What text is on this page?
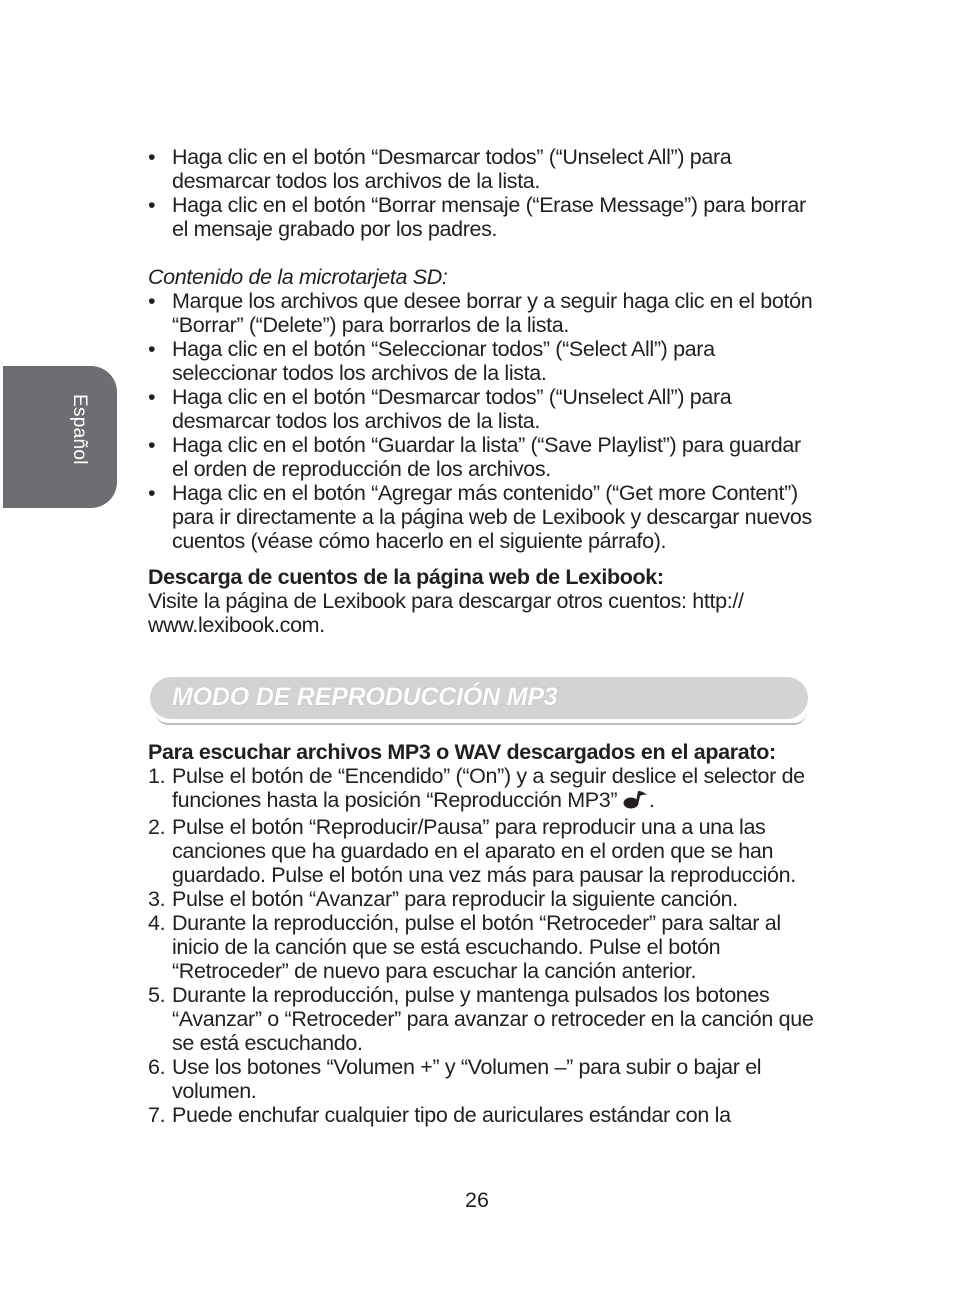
Español
• Haga clic en el botón “Desmarcar todos” (“Unselect All”) para desmarcar todos los archivos de la lista.
• Haga clic en el botón “Borrar mensaje (“Erase Message”) para borrar el mensaje grabado por los padres.
Contenido de la microtarjeta SD:
• Marque los archivos que desee borrar y a seguir haga clic en el botón “Borrar” (“Delete”) para borrarlos de la lista.
• Haga clic en el botón “Seleccionar todos” (“Select All”) para seleccionar todos los archivos de la lista.
• Haga clic en el botón “Desmarcar todos” (“Unselect All”) para desmarcar todos los archivos de la lista.
• Haga clic en el botón “Guardar la lista” (“Save Playlist”) para guardar el orden de reproducción de los archivos.
• Haga clic en el botón “Agregar más contenido” (“Get more Content”) para ir directamente a la página web de Lexibook y descargar nuevos cuentos (véase cómo hacerlo en el siguiente párrafo).
Descarga de cuentos de la página web de Lexibook:
Visite la página de Lexibook para descargar otros cuentos: http:// www.lexibook.com.
MODO DE REPRODUCCIÓN MP3
Para escuchar archivos MP3 o WAV descargados en el aparato:
1. Pulse el botón de “Encendido” (“On”) y a seguir deslice el selector de funciones hasta la posición “Reproducción MP3” .
2. Pulse el botón “Reproducir/Pausa” para reproducir una a una las canciones que ha guardado en el aparato en el orden que se han guardado. Pulse el botón una vez más para pausar la reproducción.
3. Pulse el botón “Avanzar” para reproducir la siguiente canción.
4. Durante la reproducción, pulse el botón “Retroceder” para saltar al inicio de la canción que se está escuchando. Pulse el botón “Retroceder” de nuevo para escuchar la canción anterior.
5. Durante la reproducción, pulse y mantenga pulsados los botones “Avanzar” o “Retroceder” para avanzar o retroceder en la canción que se está escuchando.
6. Use los botones “Volumen +” y “Volumen –” para subir o bajar el volumen.
7. Puede enchufar cualquier tipo de auriculares estándar con la
26
